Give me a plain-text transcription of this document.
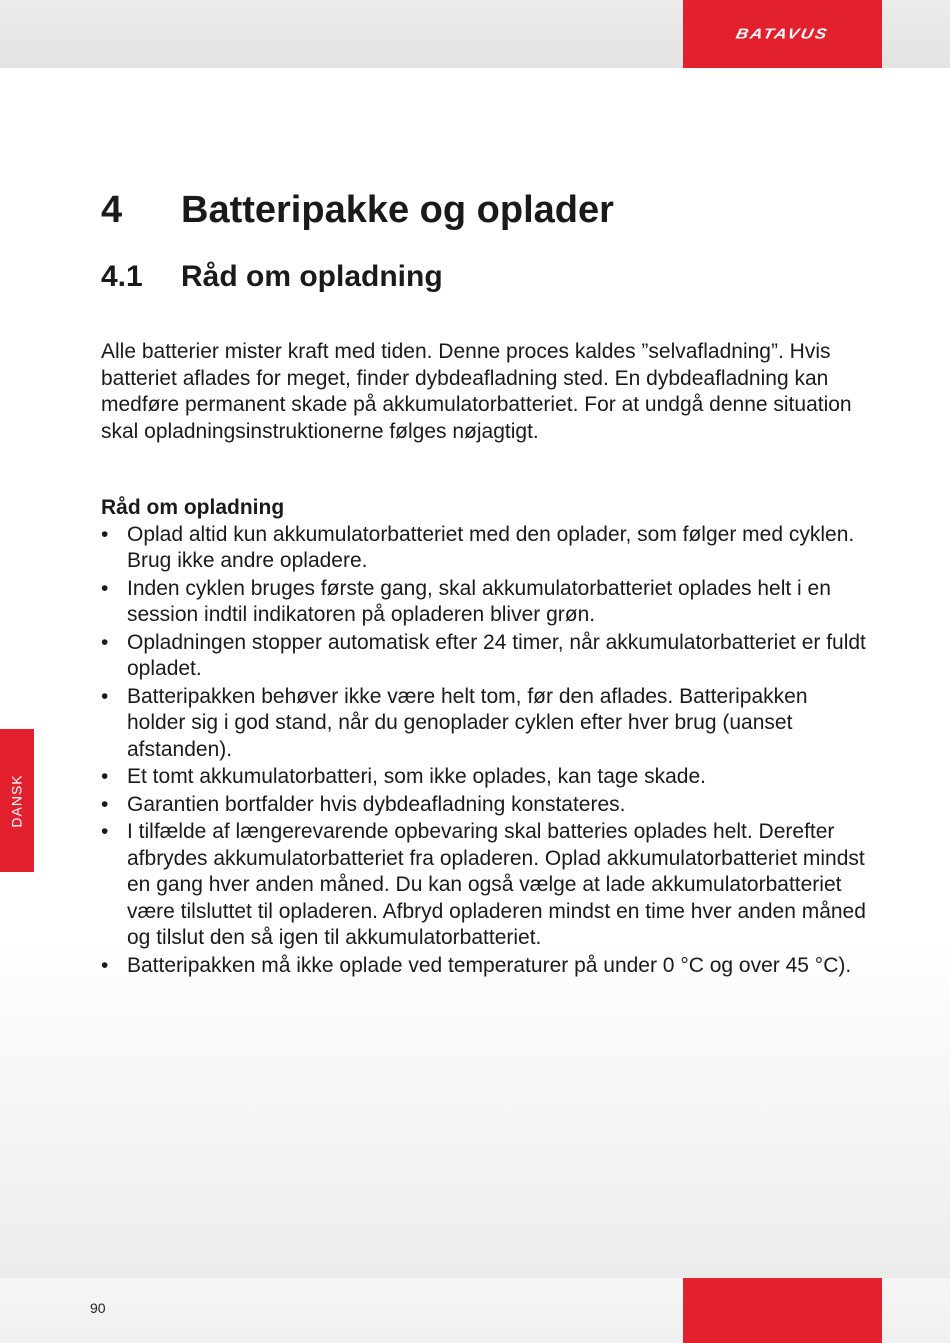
BATAVUS
DANSK
4	Batteripakke og oplader
4.1	Råd om opladning

Alle batterier mister kraft med tiden. Denne proces kaldes ”selvafladning”. Hvis batteriet aflades for meget, finder dybdeafladning sted. En dybdeafladning kan medføre permanent skade på akkumulatorbatteriet. For at undgå denne situation skal opladningsinstruktionerne følges nøjagtigt.

Råd om opladning
• Oplad altid kun akkumulatorbatteriet med den oplader, som følger med cyklen. Brug ikke andre opladere.
• Inden cyklen bruges første gang, skal akkumulatorbatteriet oplades helt i en session indtil indikatoren på opladeren bliver grøn.
• Opladningen stopper automatisk efter 24 timer, når akkumulatorbatteriet er fuldt opladet.
• Batteripakken behøver ikke være helt tom, før den aflades. Batteripakken holder sig i god stand, når du genoplader cyklen efter hver brug (uanset afstanden).
• Et tomt akkumulatorbatteri, som ikke oplades, kan tage skade.
• Garantien bortfalder hvis dybdeafladning konstateres.
• I tilfælde af længerevarende opbevaring skal batteries oplades helt. Derefter afbrydes akkumulatorbatteriet fra opladeren. Oplad akkumulatorbatteriet mindst en gang hver anden måned. Du kan også vælge at lade akkumulatorbatteriet være tilsluttet til opladeren. Afbryd opladeren mindst en time hver anden måned og tilslut den så igen til akkumulatorbatteriet.
• Batteripakken må ikke oplade ved temperaturer på under 0 °C og over 45 °C).
90
